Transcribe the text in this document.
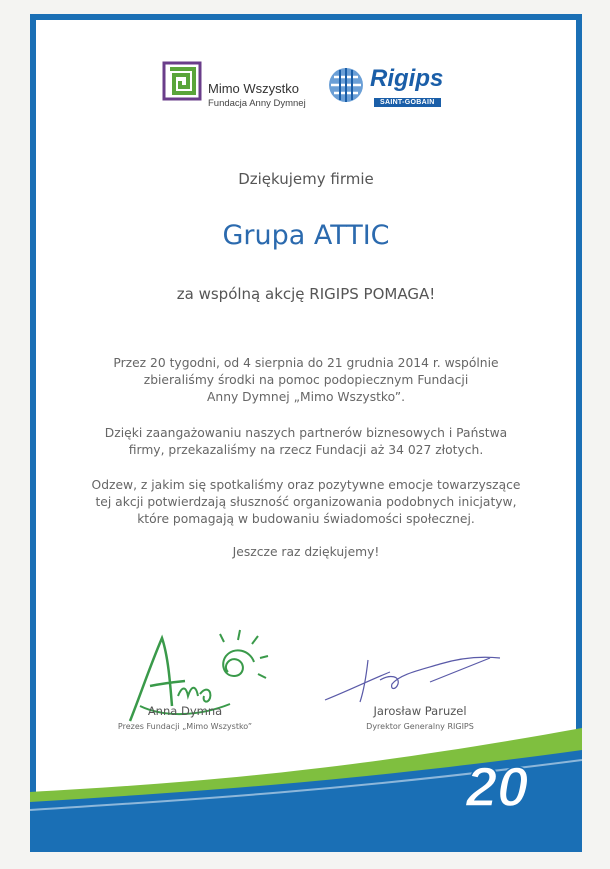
Mimo Wszystko
Fundacja Anny Dymnej
Rigips
SAINT-GOBAIN
Dziękujemy firmie
Grupa ATTIC
za wspólną akcję RIGIPS POMAGA!
Przez 20 tygodni, od 4 sierpnia do 21 grudnia 2014 r. wspólnie
zbieraliśmy środki na pomoc podopiecznym Fundacji
Anny Dymnej „Mimo Wszystko”.
Dzięki zaangażowaniu naszych partnerów biznesowych i Państwa
firmy, przekazaliśmy na rzecz Fundacji aż 34 027 złotych.
Odzew, z jakim się spotkaliśmy oraz pozytywne emocje towarzyszące
tej akcji potwierdzają słuszność organizowania podobnych inicjatyw,
które pomagają w budowaniu świadomości społecznej.
Jeszcze raz dziękujemy!
Anna Dymna
Prezes Fundacji „Mimo Wszystko”
Jarosław Paruzel
Dyrektor Generalny RIGIPS
20
